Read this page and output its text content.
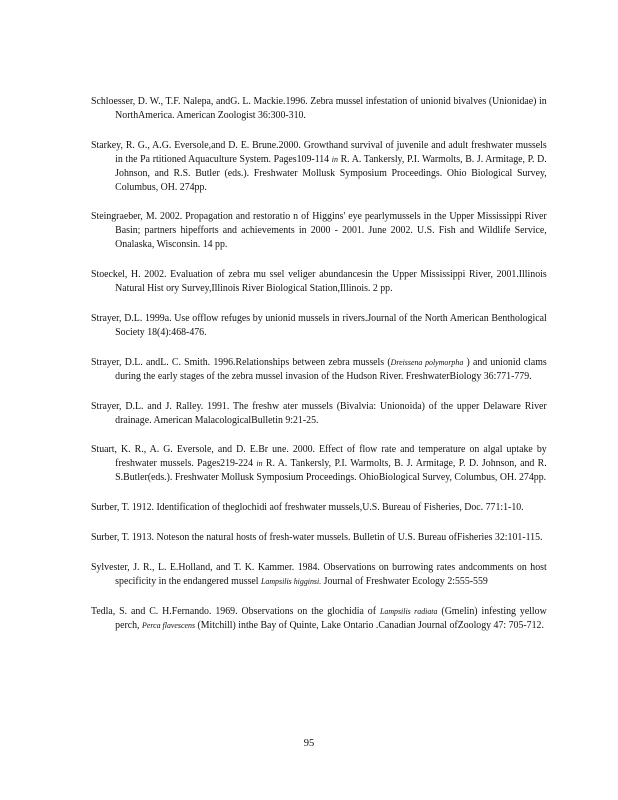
Schloesser, D. W., T.F. Nalepa, andG. L. Mackie.1996. Zebra mussel infestation of unionid bivalves (Unionidae) in NorthAmerica. American Zoologist 36:300-310.

Starkey, R. G., A.G. Eversole,and D. E. Brune.2000. Growthand survival of juvenile and adult freshwater mussels in the Pa rtitioned Aquaculture System. Pages109-114 in R. A. Tankersly, P.I. Warmolts, B. J. Armitage, P. D. Johnson, and R.S. Butler (eds.). Freshwater Mollusk Symposium Proceedings. Ohio Biological Survey, Columbus, OH. 274pp.

Steingraeber, M. 2002. Propagation and restoratio n of Higgins' eye pearlymussels in the Upper Mississippi River Basin; partners hipefforts and achievements in 2000 - 2001. June 2002. U.S. Fish and Wildlife Service, Onalaska, Wisconsin. 14 pp.

Stoeckel, H. 2002. Evaluation of zebra mu ssel veliger abundancesin the Upper Mississippi River, 2001.Illinois Natural Hist ory Survey,Illinois River Biological Station,Illinois. 2 pp.

Strayer, D.L. 1999a. Use offlow refuges by unionid mussels in rivers.Journal of the North American Benthological Society 18(4):468-476.

Strayer, D.L. andL. C. Smith. 1996.Relationships between zebra mussels (Dreissena polymorpha ) and unionid clams during the early stages of the zebra mussel invasion of the Hudson River. FreshwaterBiology 36:771-779.

Strayer, D.L. and J. Ralley. 1991. The freshw ater mussels (Bivalvia: Unionoida) of the upper Delaware River drainage. American MalacologicalBulletin 9:21-25.

Stuart, K. R., A. G. Eversole, and D. E.Br une. 2000. Effect of flow rate and temperature on algal uptake by freshwater mussels. Pages219-224 in R. A. Tankersly, P.I. Warmolts, B. J. Armitage, P. D. Johnson, and R. S.Butler(eds.). Freshwater Mollusk Symposium Proceedings. OhioBiological Survey, Columbus, OH. 274pp.

Surber, T. 1912. Identification of theglochidi aof freshwater mussels,U.S. Bureau of Fisheries, Doc. 771:1-10.

Surber, T. 1913. Noteson the natural hosts of fresh-water mussels. Bulletin of U.S. Bureau ofFisheries 32:101-115.

Sylvester, J. R., L. E.Holland, and T. K. Kammer. 1984. Observations on burrowing rates andcomments on host specificity in the endangered mussel Lampsilis higginsi. Journal of Freshwater Ecology 2:555-559

Tedla, S. and C. H.Fernando. 1969. Observations on the glochidia of Lampsilis radiata (Gmelin) infesting yellow perch, Perca flavescens (Mitchill) inthe Bay of Quinte, Lake Ontario .Canadian Journal ofZoology 47: 705-712.

95
